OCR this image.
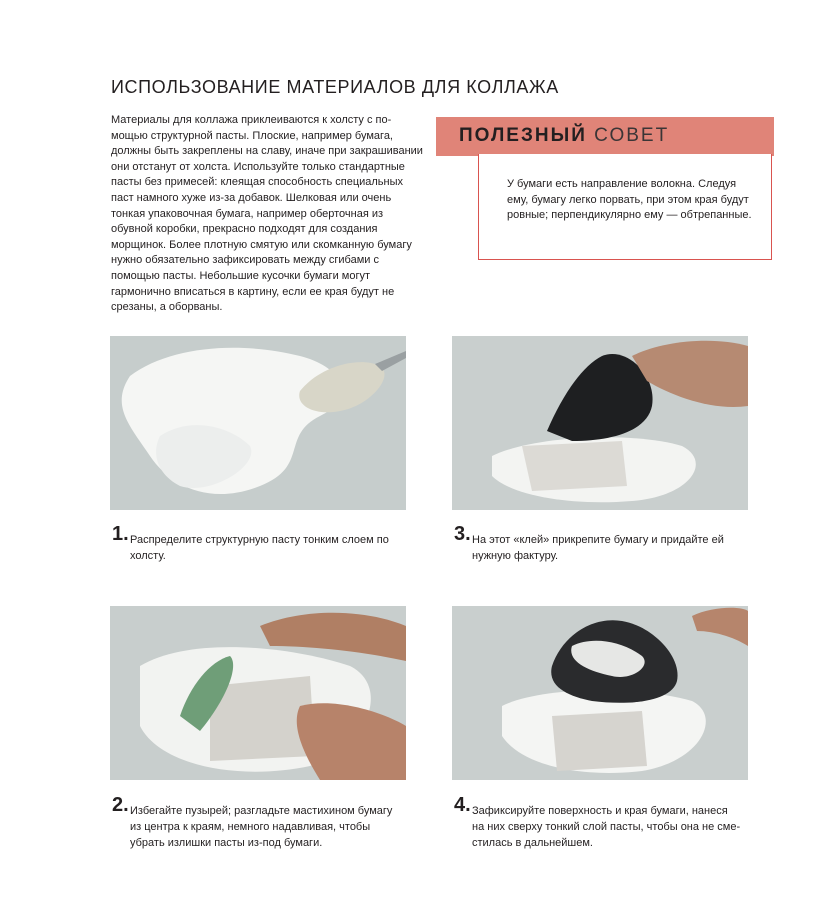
ИСПОЛЬЗОВАНИЕ МАТЕРИАЛОВ ДЛЯ КОЛЛАЖА

Материалы для коллажа приклеиваются к холсту с помощью структурной пасты. Плоские, например бумага, должны быть закреплены на славу, иначе при закрашивании они отстанут от холста. Используйте только стандартные пасты без примесей: клеящая способность специальных паст намного хуже из-за добавок. Шелковая или очень тонкая упаковочная бумага, например оберточная из обувной коробки, прекрасно подходят для создания морщинок. Более плотную смятую или скомканную бумагу нужно обязательно зафиксировать между сгибами с помощью пасты. Небольшие кусочки бумаги могут гармонично вписаться в картину, если ее края будут не срезаны, а оборваны.

ПОЛЕЗНЫЙ СОВЕТ

У бумаги есть направление волокна. Следуя ему, бумагу легко порвать, при этом края будут ровные; перпендикулярно ему — обтрепанные.

1. Распределите структурную пасту тонким слоем по холсту.
3. На этот «клей» прикрепите бумагу и придайте ей нужную фактуру.
2. Избегайте пузырей; разгладьте мастихином бумагу из центра к краям, немного надавливая, чтобы убрать излишки пасты из-под бумаги.
4. Зафиксируйте поверхность и края бумаги, нанеся на них сверху тонкий слой пасты, чтобы она не сместилась в дальнейшем.
